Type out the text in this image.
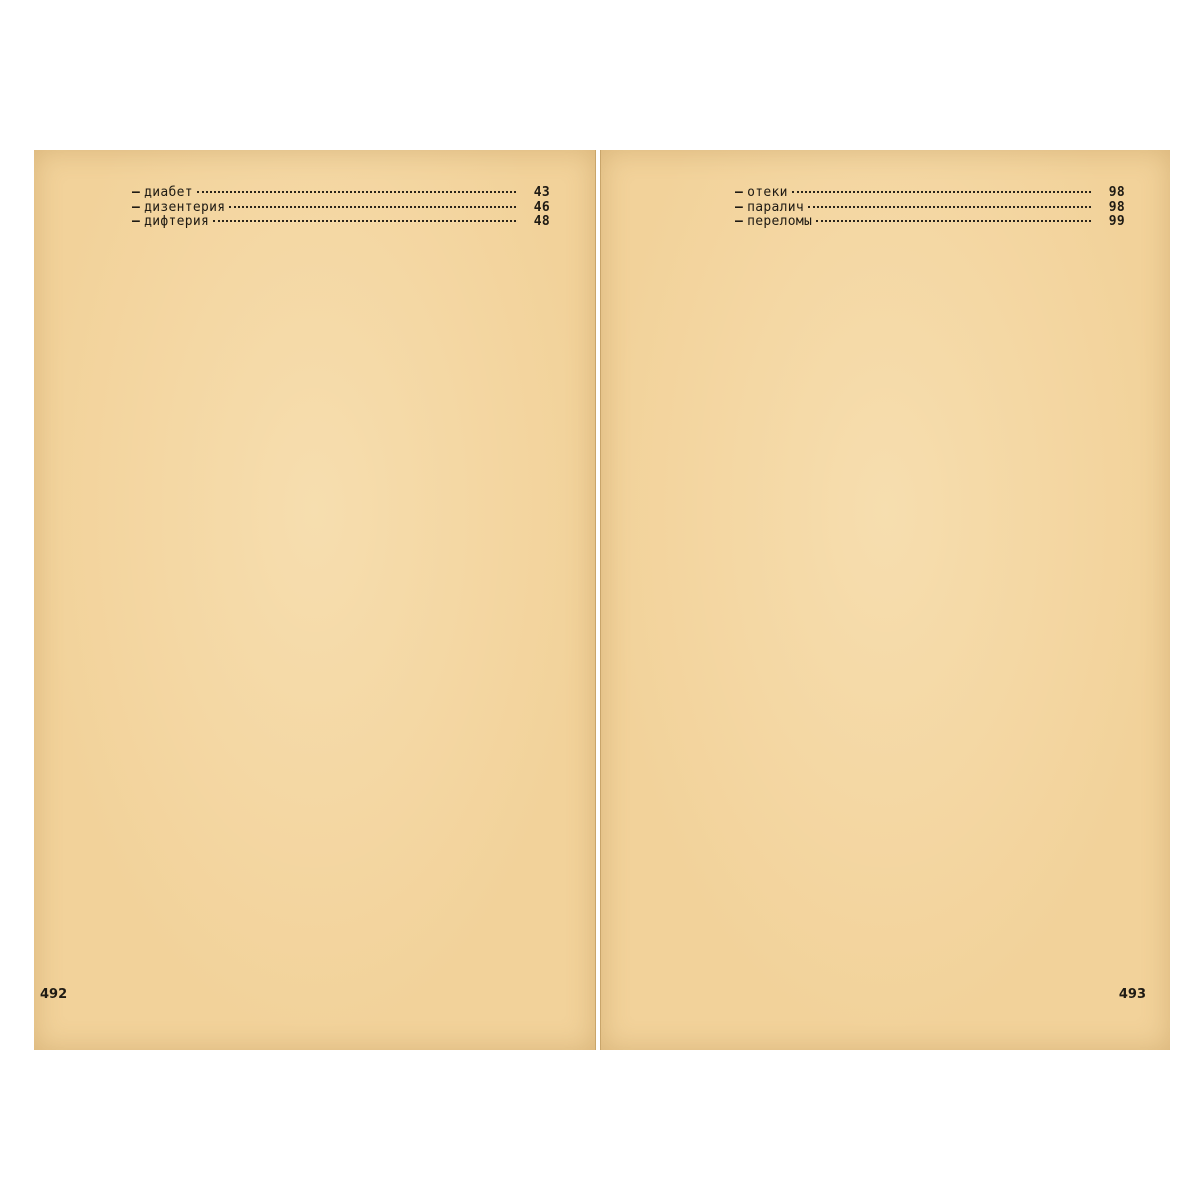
— диабет	43
— дизентерия	46
— дифтерия	48
492
— отеки	98
— паралич	98
— переломы	99
493
